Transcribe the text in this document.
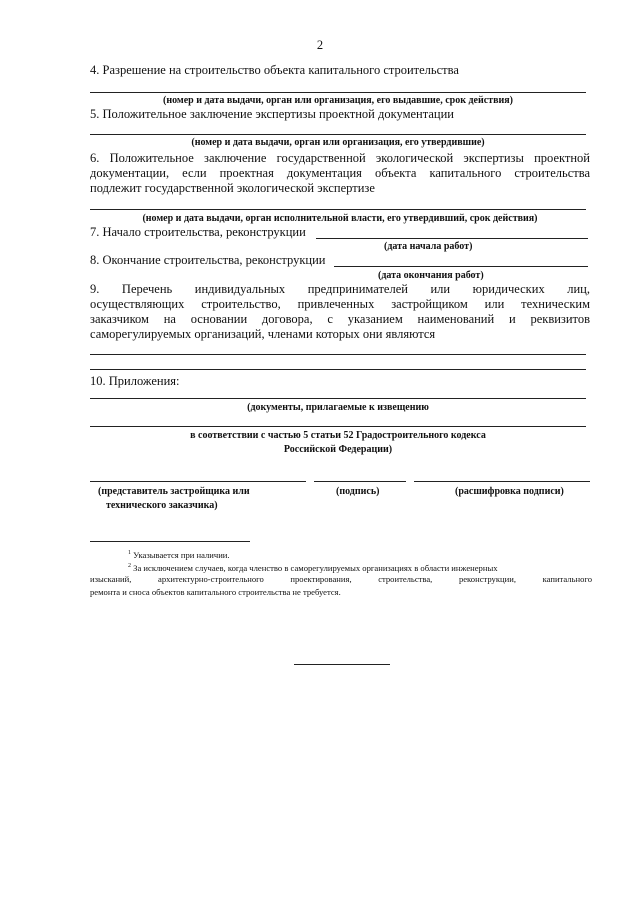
2
4. Разрешение на строительство объекта капитального строительства
(номер и дата выдачи, орган или организация, его выдавшие, срок действия)
5. Положительное заключение экспертизы проектной документации
(номер и дата выдачи, орган или организация, его утвердившие)
6. Положительное заключение государственной экологической экспертизы проектной
документации, если проектная документация объекта капитального строительства
подлежит государственной экологической экспертизе
(номер и дата выдачи, орган исполнительной власти, его утвердивший, срок действия)
7. Начало строительства, реконструкции
(дата начала работ)
8. Окончание строительства, реконструкции
(дата окончания работ)
9. Перечень индивидуальных предпринимателей или юридических лиц,
осуществляющих строительство, привлеченных застройщиком или техническим
заказчиком на основании договора, с указанием наименований и реквизитов
саморегулируемых организаций, членами которых они являются
10. Приложения:
(документы, прилагаемые к извещению
в соответствии с частью 5 статьи 52 Градостроительного кодекса
Российской Федерации)
(представитель застройщика или
технического заказчика)
(подпись)	(расшифровка подписи)
$^1$ Указывается при наличии.
$^2$ За исключением случаев, когда членство в саморегулируемых организациях в области инженерных
изысканий, архитектурно-строительного проектирования, строительства, реконструкции, капитального
ремонта и сноса объектов капитального строительства не требуется.
